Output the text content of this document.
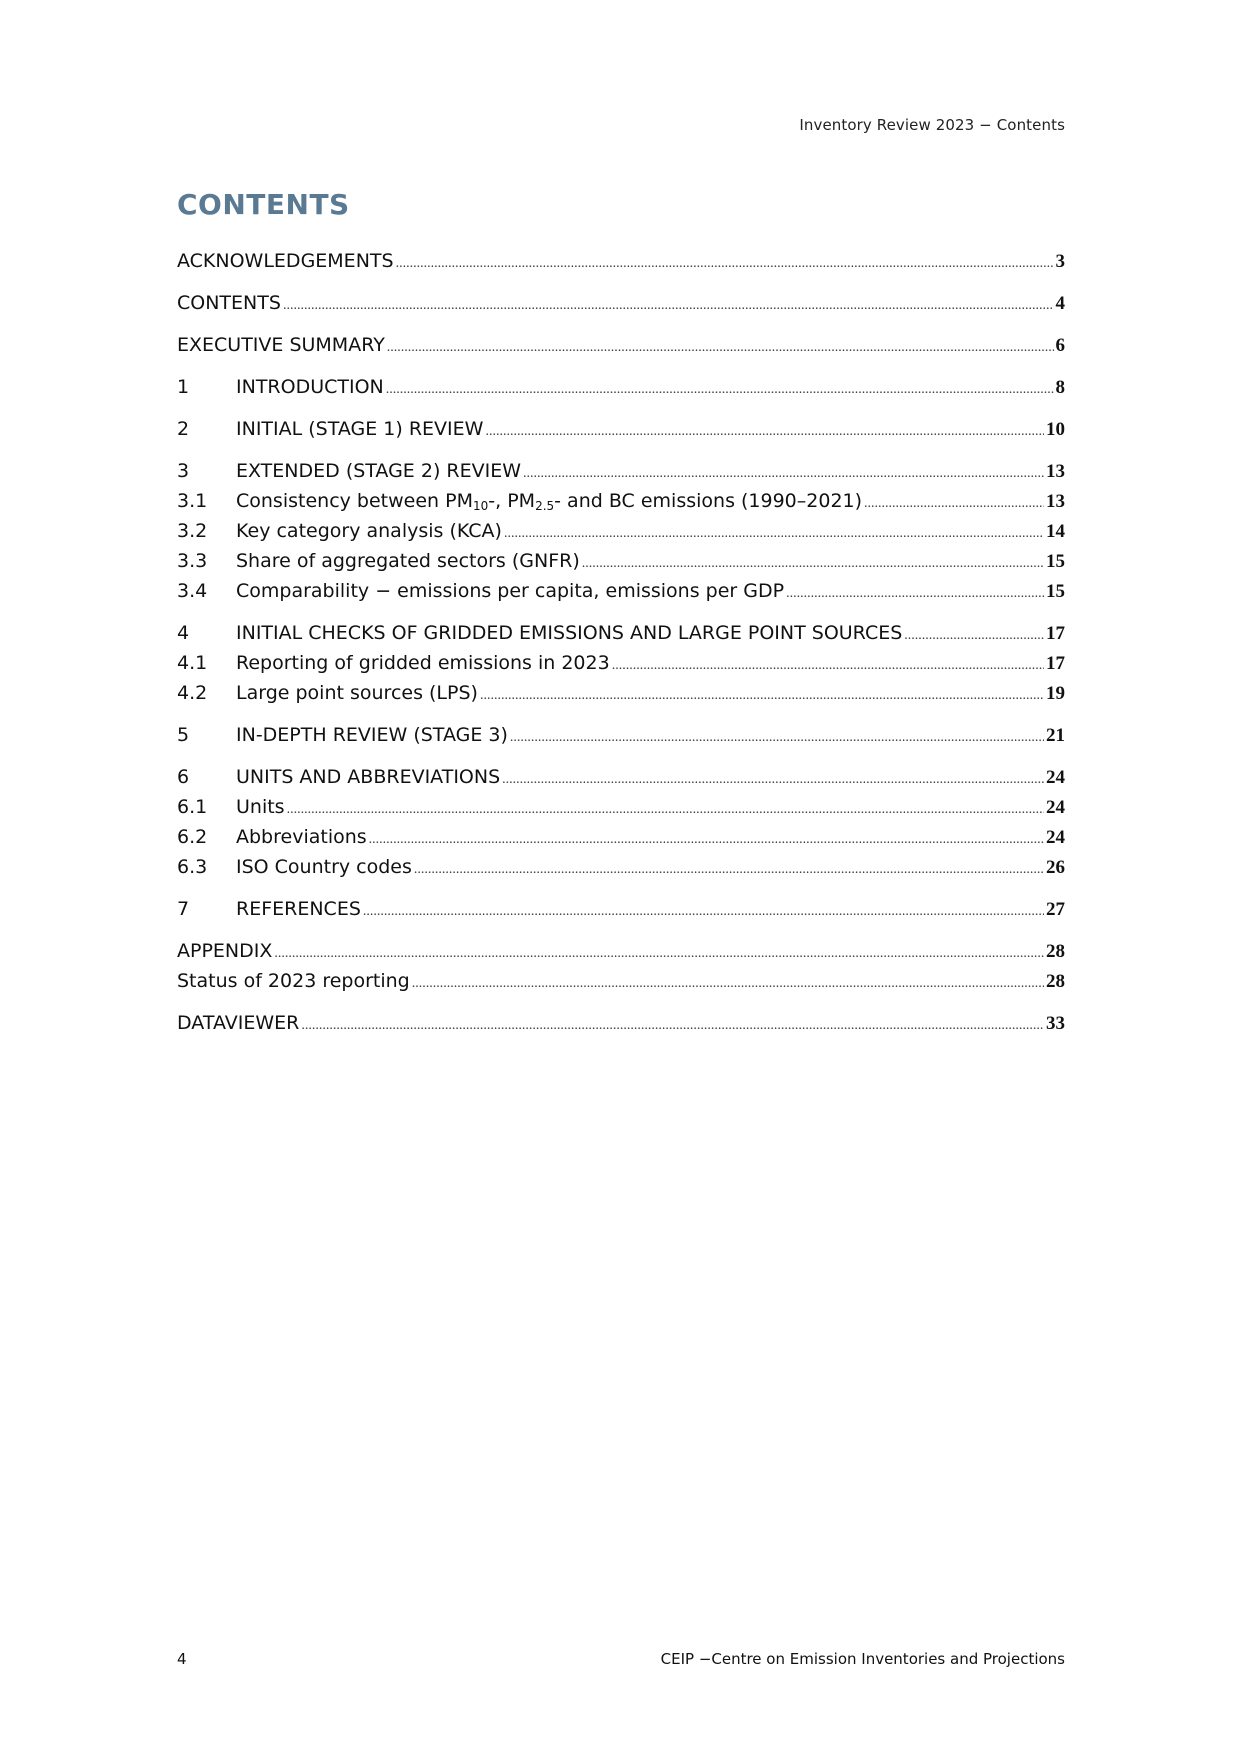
Inventory Review 2023 − Contents
CONTENTS
ACKNOWLEDGEMENTS .....	3
CONTENTS .....	4
EXECUTIVE SUMMARY .....	6
1	INTRODUCTION .....	8
2	INITIAL (STAGE 1) REVIEW .....	10
3	EXTENDED (STAGE 2) REVIEW .....	13
3.1	Consistency between $PM_{10}-$, $PM_{2.5}-$ and BC emissions (1990–2021) .....	13
3.2	Key category analysis (KCA) .....	14
3.3	Share of aggregated sectors (GNFR) .....	15
3.4	Comparability − emissions per capita, emissions per GDP .....	15
4	INITIAL CHECKS OF GRIDDED EMISSIONS AND LARGE POINT SOURCES .....	17
4.1	Reporting of gridded emissions in 2023 .....	17
4.2	Large point sources (LPS) .....	19
5	IN-DEPTH REVIEW (STAGE 3) .....	21
6	UNITS AND ABBREVIATIONS .....	24
6.1	Units .....	24
6.2	Abbreviations .....	24
6.3	ISO Country codes .....	26
7	REFERENCES .....	27
APPENDIX .....	28
Status of 2023 reporting .....	28
DATAVIEWER .....	33
4	CEIP −Centre on Emission Inventories and Projections
